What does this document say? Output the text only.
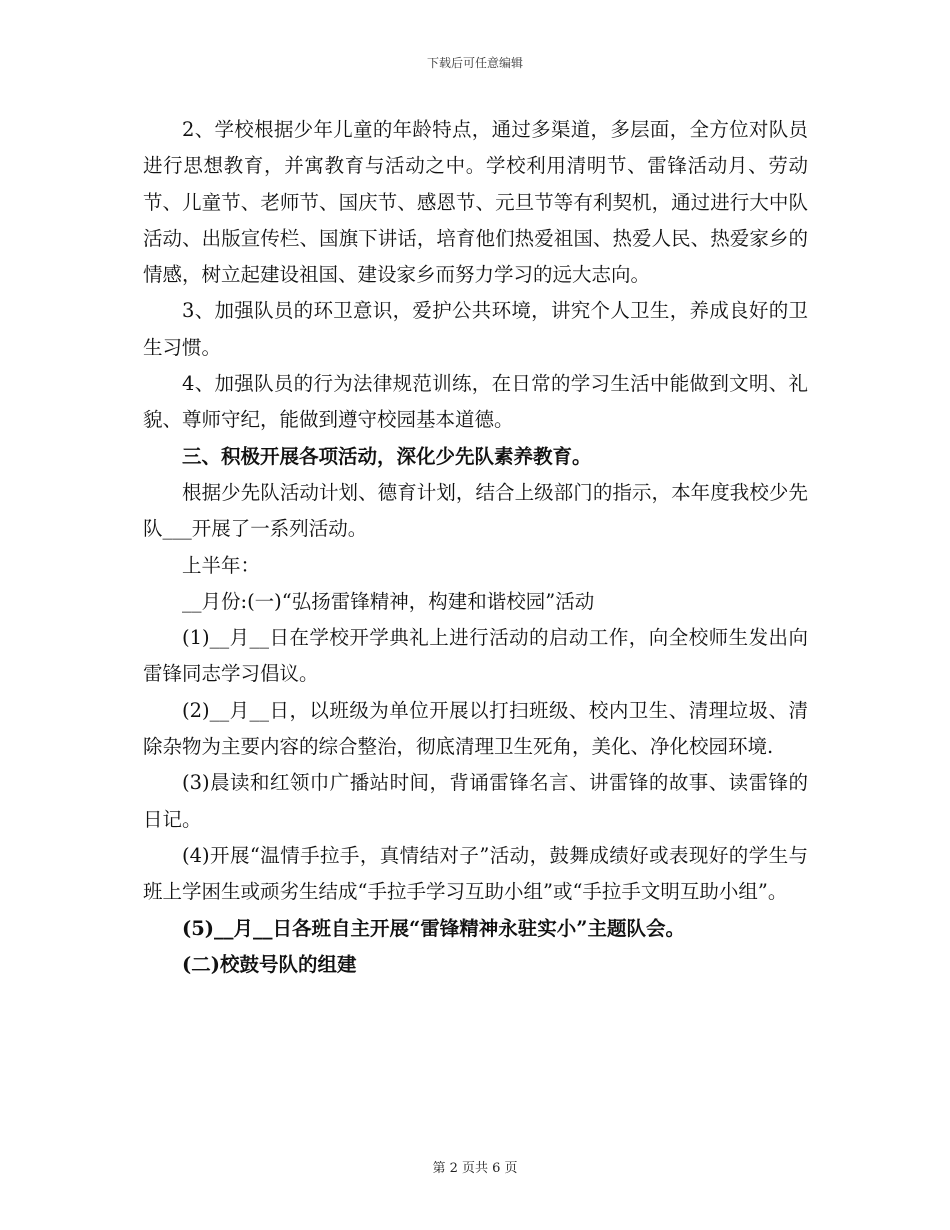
下载后可任意编辑

2、学校根据少年儿童的年龄特点，通过多渠道，多层面，全方位对队员进行思想教育，并寓教育与活动之中。学校利用清明节、雷锋活动月、劳动节、儿童节、老师节、国庆节、感恩节、元旦节等有利契机，通过进行大中队活动、出版宣传栏、国旗下讲话，培育他们热爱祖国、热爱人民、热爱家乡的情感，树立起建设祖国、建设家乡而努力学习的远大志向。

3、加强队员的环卫意识，爱护公共环境，讲究个人卫生，养成良好的卫生习惯。

4、加强队员的行为法律规范训练，在日常的学习生活中能做到文明、礼貌、尊师守纪，能做到遵守校园基本道德。

三、积极开展各项活动，深化少先队素养教育。

根据少先队活动计划、德育计划，结合上级部门的指示，本年度我校少先队___开展了一系列活动。

上半年：

__月份:(一)“弘扬雷锋精神，构建和谐校园”活动

(1)__月__日在学校开学典礼上进行活动的启动工作，向全校师生发出向雷锋同志学习倡议。

(2)__月__日，以班级为单位开展以打扫班级、校内卫生、清理垃圾、清除杂物为主要内容的综合整治，彻底清理卫生死角，美化、净化校园环境.

(3)晨读和红领巾广播站时间，背诵雷锋名言、讲雷锋的故事、读雷锋的日记。

(4)开展“温情手拉手，真情结对子”活动，鼓舞成绩好或表现好的学生与班上学困生或顽劣生结成“手拉手学习互助小组”或“手拉手文明互助小组”。

(5)__月__日各班自主开展“雷锋精神永驻实小”主题队会。

(二)校鼓号队的组建

第 2 页共 6 页
